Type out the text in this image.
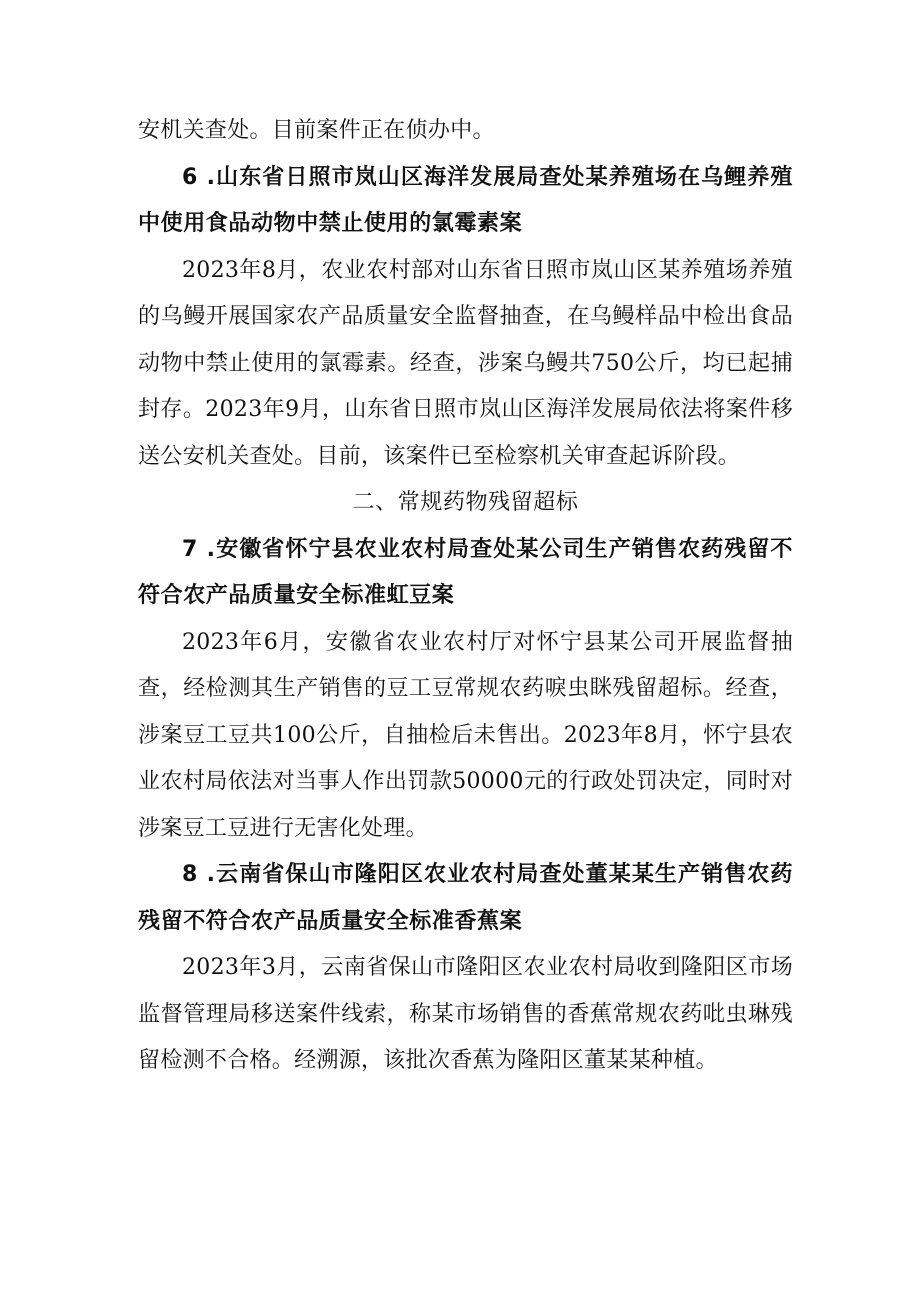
安机关查处。目前案件正在侦办中。

6 .山东省日照市岚山区海洋发展局查处某养殖场在乌鲤养殖中使用食品动物中禁止使用的氯霉素案

2023年8月，农业农村部对山东省日照市岚山区某养殖场养殖的乌鳗开展国家农产品质量安全监督抽查，在乌鳗样品中检出食品动物中禁止使用的氯霉素。经查，涉案乌鳗共750公斤，均已起捕封存。2023年9月，山东省日照市岚山区海洋发展局依法将案件移送公安机关查处。目前，该案件已至检察机关审查起诉阶段。

二、常规药物残留超标

7 .安徽省怀宁县农业农村局查处某公司生产销售农药残留不符合农产品质量安全标准虹豆案

2023年6月，安徽省农业农村厅对怀宁县某公司开展监督抽查，经检测其生产销售的豆工豆常规农药唳虫眯残留超标。经查，涉案豆工豆共100公斤，自抽检后未售出。2023年8月，怀宁县农业农村局依法对当事人作出罚款50000元的行政处罚决定，同时对涉案豆工豆进行无害化处理。

8 .云南省保山市隆阳区农业农村局查处董某某生产销售农药残留不符合农产品质量安全标准香蕉案

2023年3月，云南省保山市隆阳区农业农村局收到隆阳区市场监督管理局移送案件线索，称某市场销售的香蕉常规农药吡虫琳残留检测不合格。经溯源，该批次香蕉为隆阳区董某某种植。
